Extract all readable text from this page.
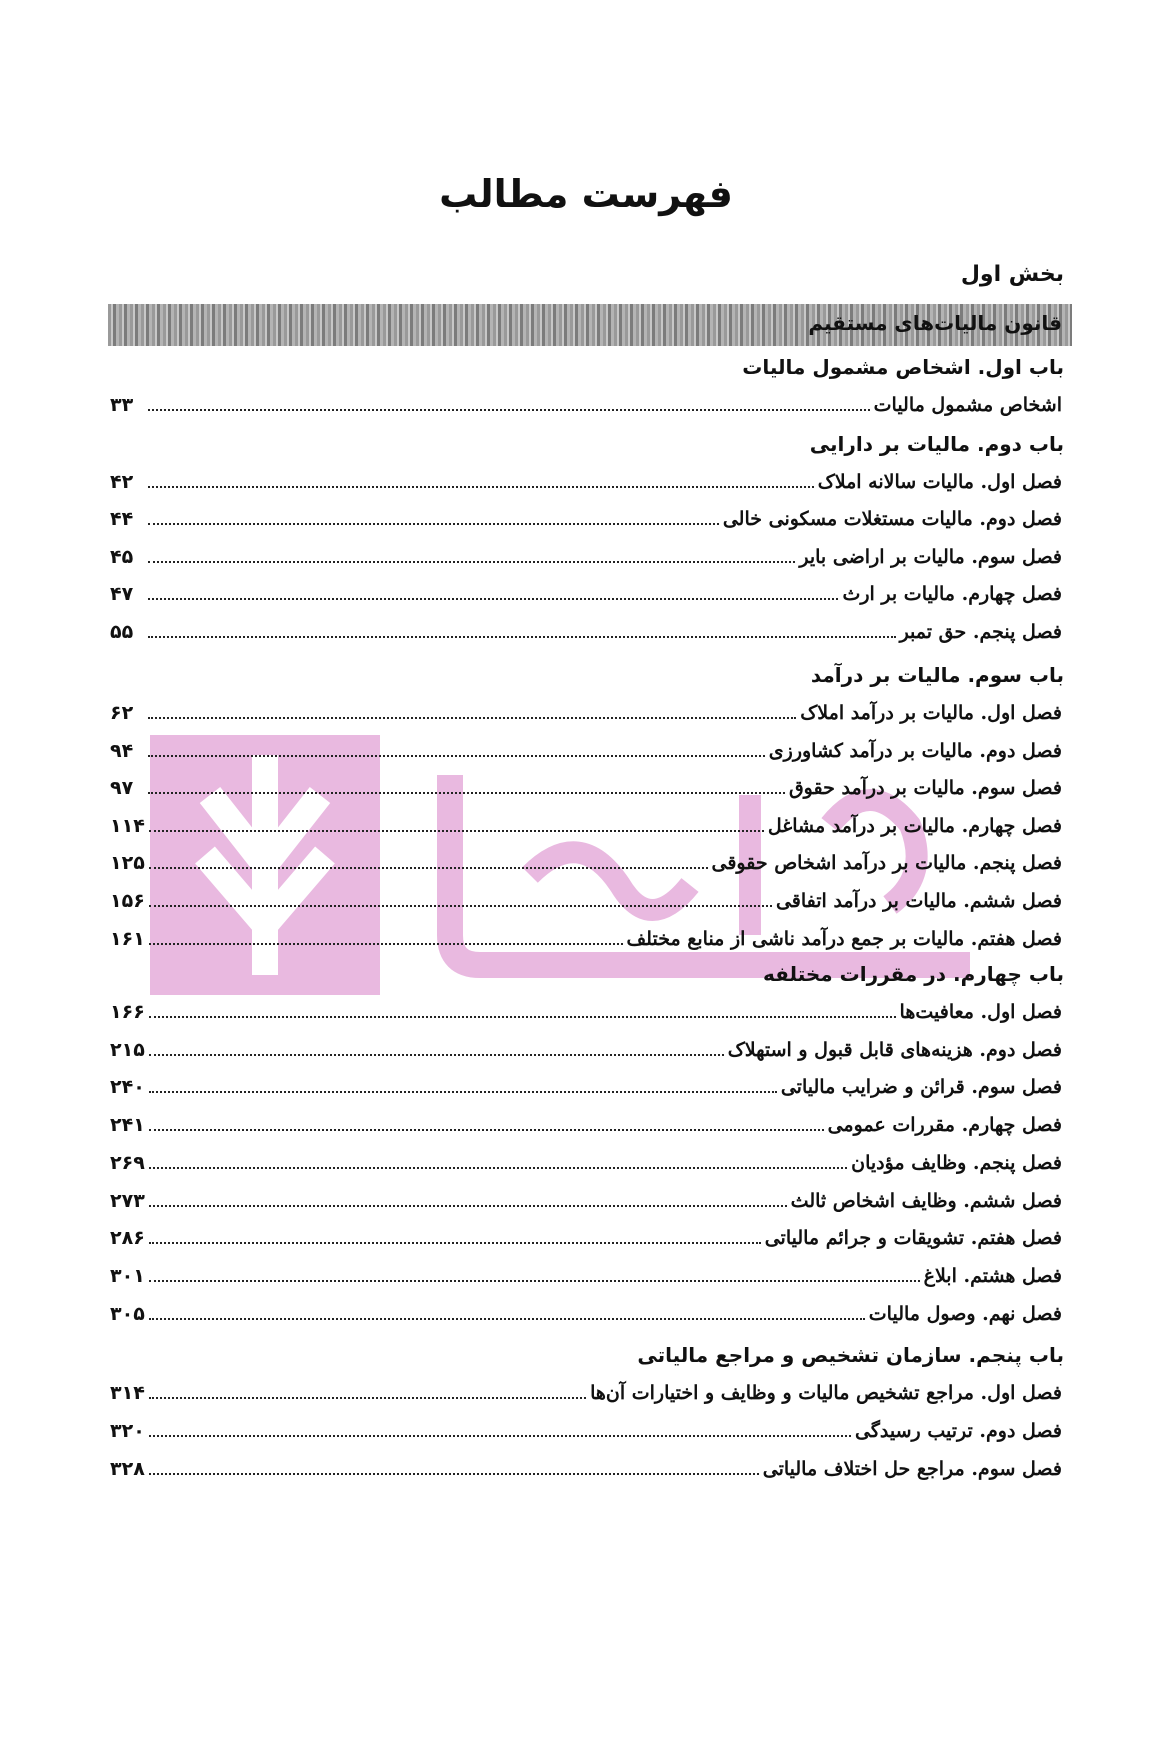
فهرست مطالب
بخش اول
قانون مالیات‌های مستقیم
باب اول. اشخاص مشمول مالیات
اشخاص مشمول مالیات
۳۳
باب دوم. مالیات بر دارایی
فصل اول. مالیات سالانه املاک
۴۲
فصل دوم. مالیات مستغلات مسکونی خالی
۴۴
فصل سوم. مالیات بر اراضی بایر
۴۵
فصل چهارم. مالیات بر ارث
۴۷
فصل پنجم. حق تمبر
۵۵
باب سوم. مالیات بر درآمد
فصل اول. مالیات بر درآمد املاک
۶۲
فصل دوم. مالیات بر درآمد کشاورزی
۹۴
فصل سوم. مالیات بر درآمد حقوق
۹۷
فصل چهارم. مالیات بر درآمد مشاغل
۱۱۴
فصل پنجم. مالیات بر درآمد اشخاص حقوقی
۱۲۵
فصل ششم. مالیات بر درآمد اتفاقی
۱۵۶
فصل هفتم. مالیات بر جمع درآمد ناشی از منابع مختلف
۱۶۱
باب چهارم. در مقررات مختلفه
فصل اول. معافیت‌ها
۱۶۶
فصل دوم. هزینه‌های قابل قبول و استهلاک
۲۱۵
فصل سوم. قرائن و ضرایب مالیاتی
۲۴۰
فصل چهارم. مقررات عمومی
۲۴۱
فصل پنجم. وظایف مؤدیان
۲۶۹
فصل ششم. وظایف اشخاص ثالث
۲۷۳
فصل هفتم. تشویقات و جرائم مالیاتی
۲۸۶
فصل هشتم. ابلاغ
۳۰۱
فصل نهم. وصول مالیات
۳۰۵
باب پنجم. سازمان تشخیص و مراجع مالیاتی
فصل اول. مراجع تشخیص مالیات و وظایف و اختیارات آن‌ها
۳۱۴
فصل دوم. ترتیب رسیدگی
۳۲۰
فصل سوم. مراجع حل اختلاف مالیاتی
۳۲۸
